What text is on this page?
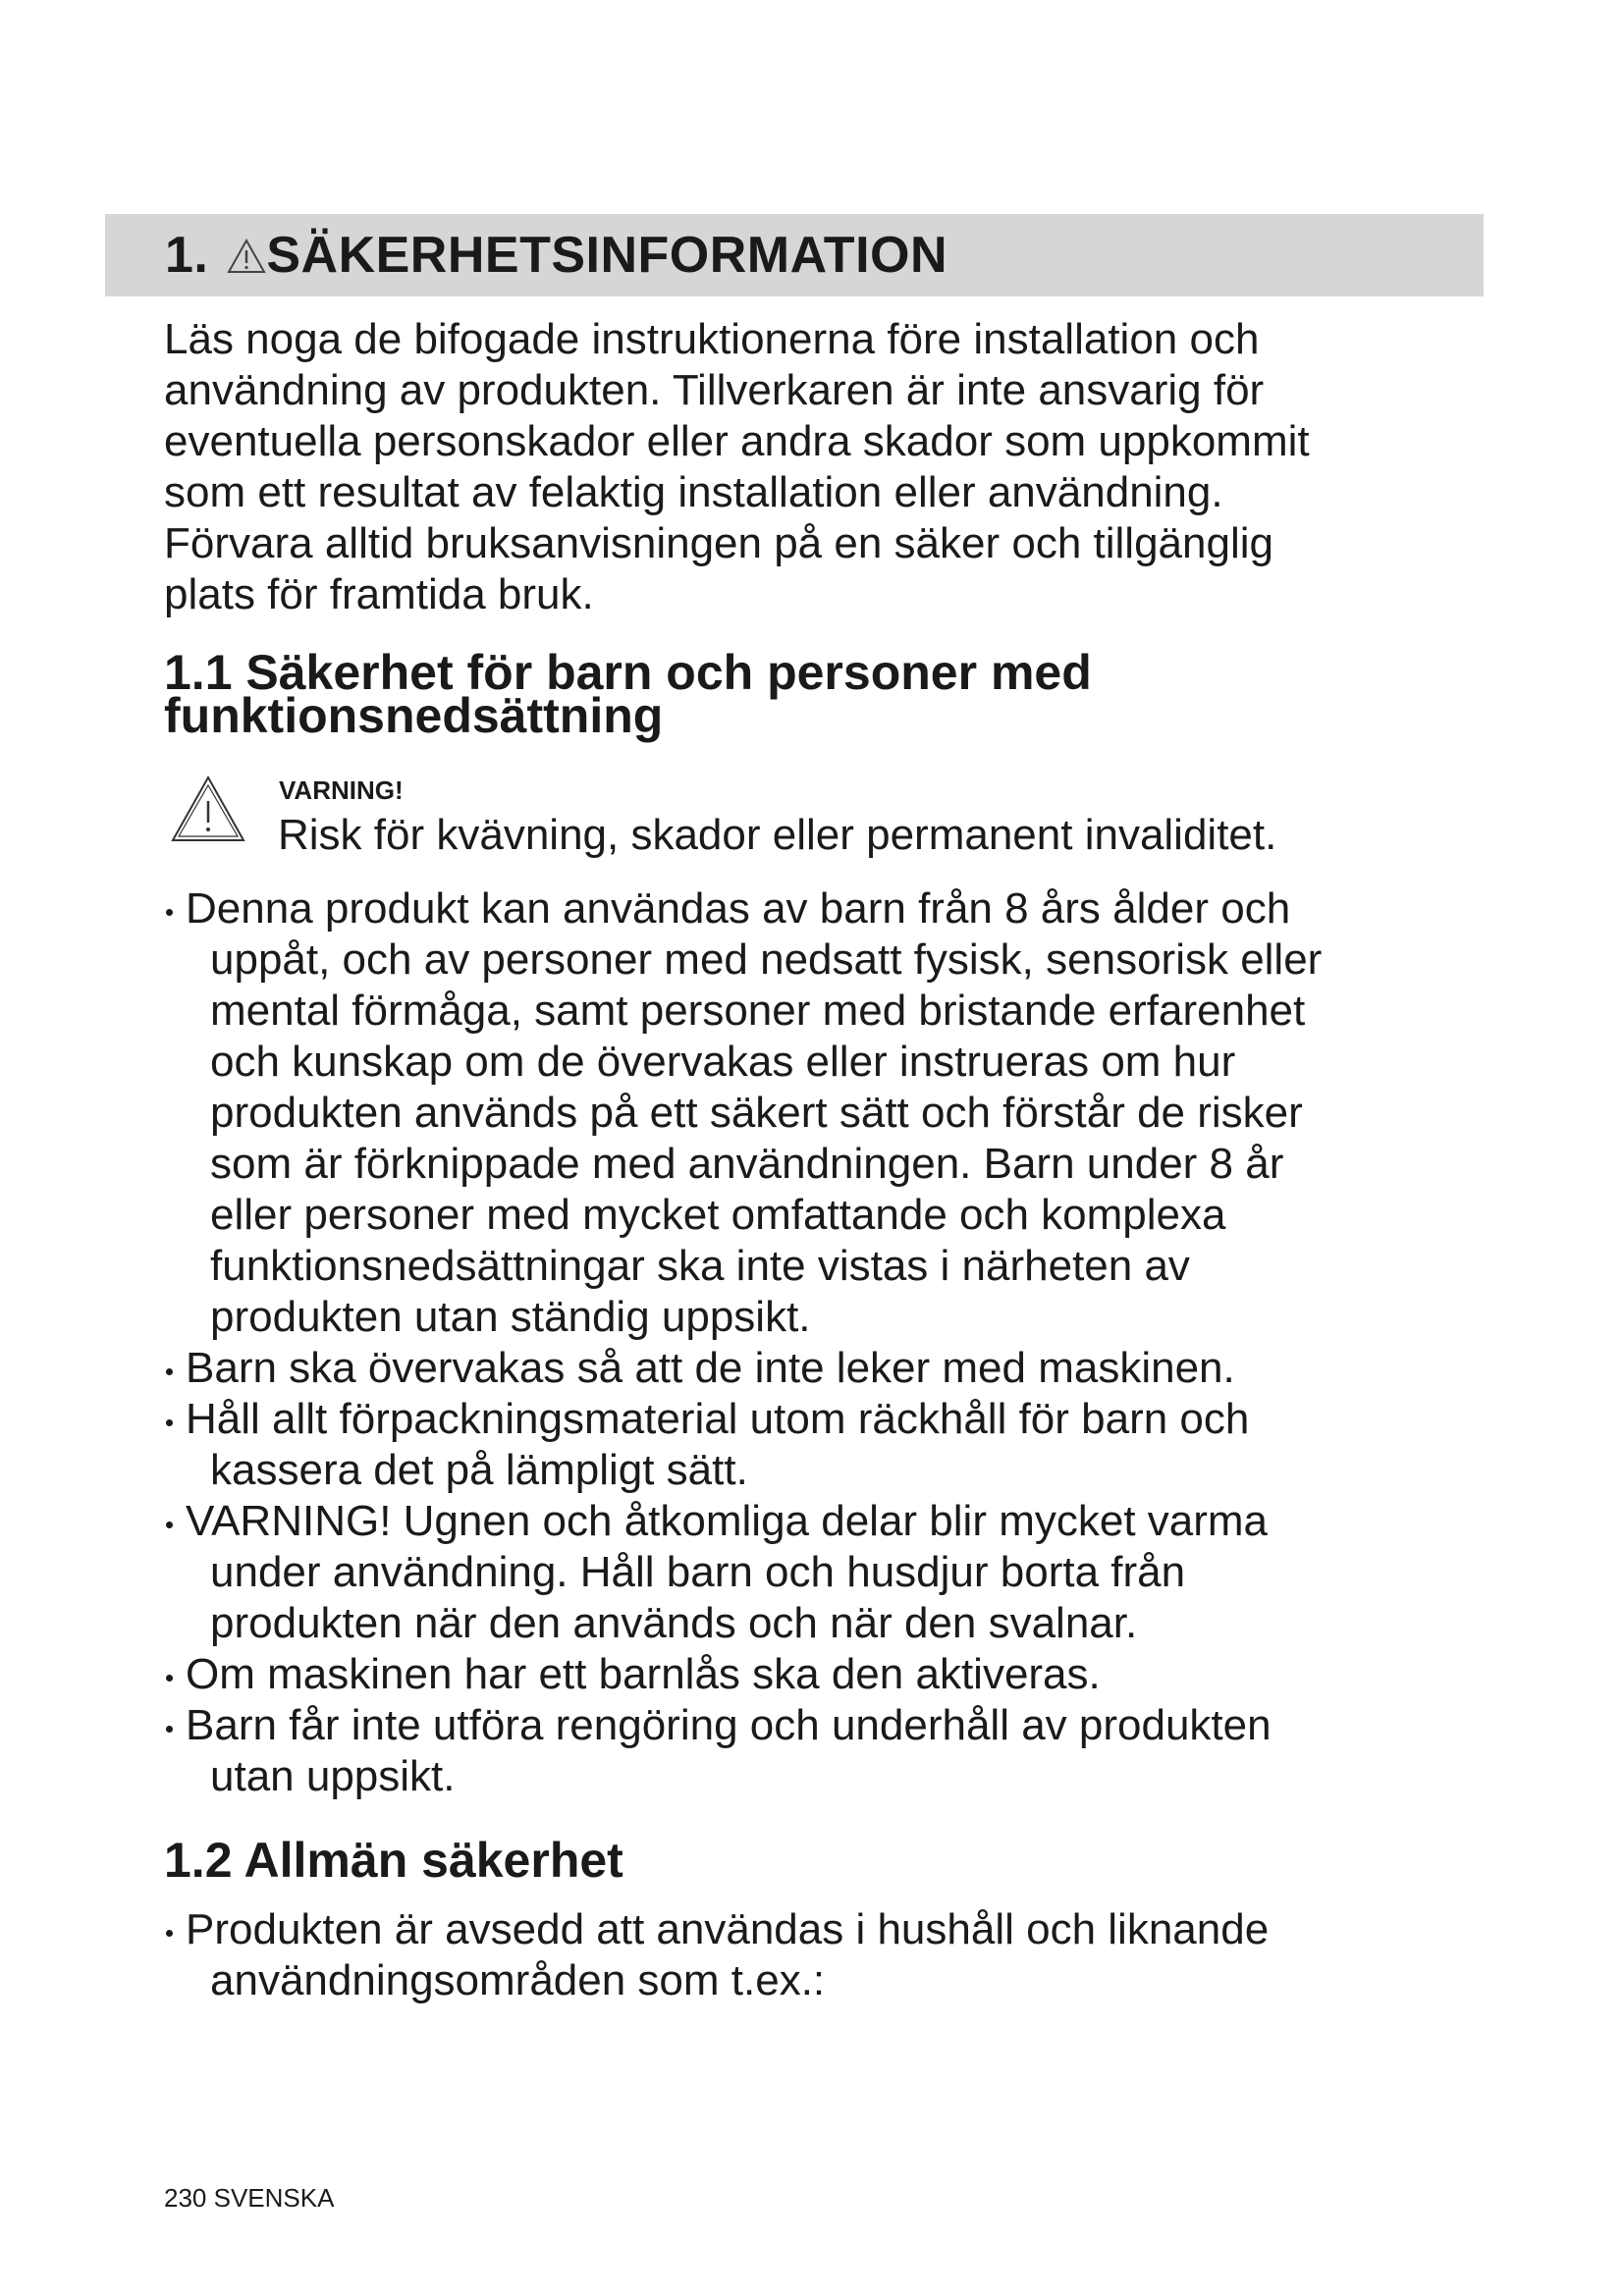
1. SÄKERHETSINFORMATION

Läs noga de bifogade instruktionerna före installation och
användning av produkten. Tillverkaren är inte ansvarig för
eventuella personskador eller andra skador som uppkommit
som ett resultat av felaktig installation eller användning.
Förvara alltid bruksanvisningen på en säker och tillgänglig
plats för framtida bruk.

1.1 Säkerhet för barn och personer med
funktionsnedsättning
VARNING!
Risk för kvävning, skador eller permanent invaliditet.
Denna produkt kan användas av barn från 8 års ålder och
uppåt, och av personer med nedsatt fysisk, sensorisk eller
mental förmåga, samt personer med bristande erfarenhet
och kunskap om de övervakas eller instrueras om hur
produkten används på ett säkert sätt och förstår de risker
som är förknippade med användningen. Barn under 8 år
eller personer med mycket omfattande och komplexa
funktionsnedsättningar ska inte vistas i närheten av
produkten utan ständig uppsikt.
Barn ska övervakas så att de inte leker med maskinen.
Håll allt förpackningsmaterial utom räckhåll för barn och
kassera det på lämpligt sätt.
VARNING! Ugnen och åtkomliga delar blir mycket varma
under användning. Håll barn och husdjur borta från
produkten när den används och när den svalnar.
Om maskinen har ett barnlås ska den aktiveras.
Barn får inte utföra rengöring och underhåll av produkten
utan uppsikt.
1.2 Allmän säkerhet
Produkten är avsedd att användas i hushåll och liknande
användningsområden som t.ex.:
230 SVENSKA
